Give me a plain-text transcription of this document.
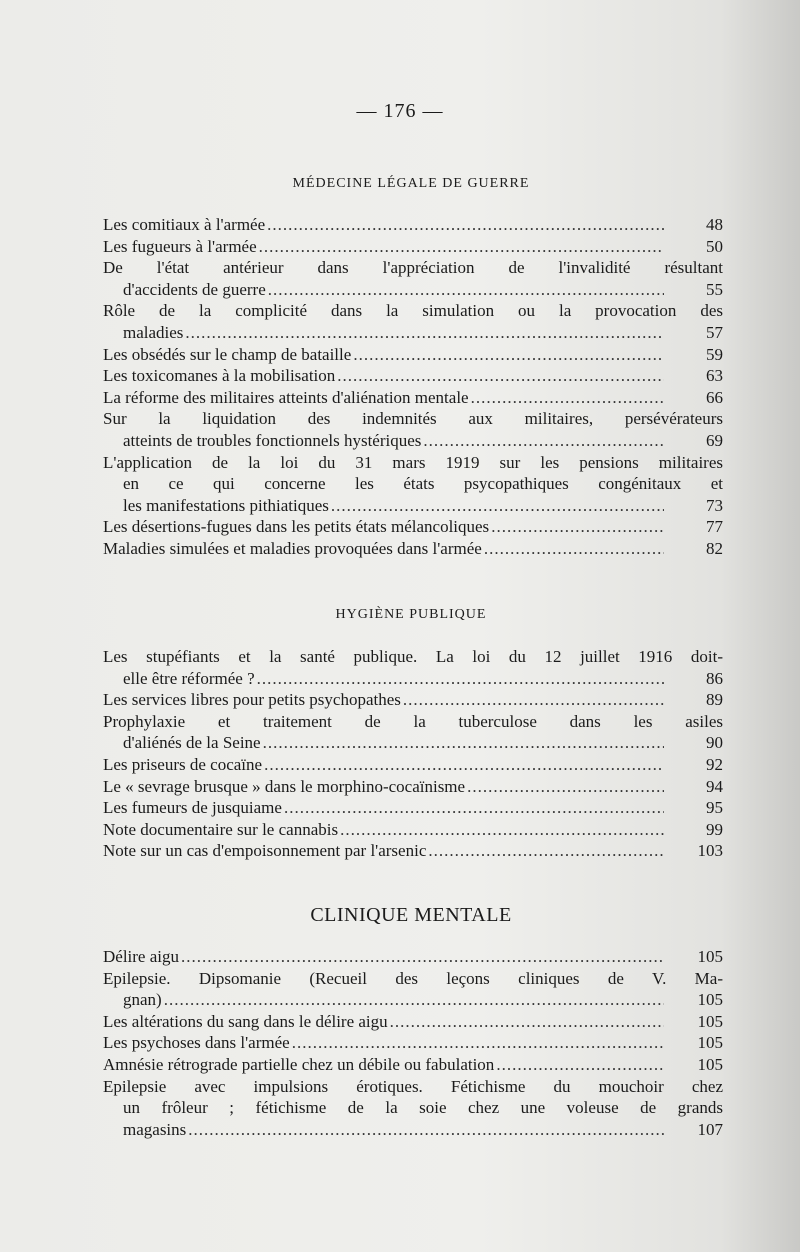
— 176 —
MÉDECINE LÉGALE DE GUERRE
Les comitiaux à l'armée .....	48
Les fugueurs à l'armée .....	50
De l'état antérieur dans l'appréciation de l'invalidité résultant
d'accidents de guerre .....	55
Rôle de la complicité dans la simulation ou la provocation des
maladies .....	57
Les obsédés sur le champ de bataille .....	59
Les toxicomanes à la mobilisation .....	63
La réforme des militaires atteints d'aliénation mentale .....	66
Sur la liquidation des indemnités aux militaires, persévérateurs
atteints de troubles fonctionnels hystériques .....	69
L'application de la loi du 31 mars 1919 sur les pensions militaires
en ce qui concerne les états psycopathiques congénitaux et
les manifestations pithiatiques .....	73
Les désertions-fugues dans les petits états mélancoliques .....	77
Maladies simulées et maladies provoquées dans l'armée .....	82
HYGIÈNE PUBLIQUE
Les stupéfiants et la santé publique. La loi du 12 juillet 1916 doit-
elle être réformée ? .....	86
Les services libres pour petits psychopathes .....	89
Prophylaxie et traitement de la tuberculose dans les asiles
d'aliénés de la Seine .....	90
Les priseurs de cocaïne .....	92
Le « sevrage brusque » dans le morphino-cocaïnisme .....	94
Les fumeurs de jusquiame .....	95
Note documentaire sur le cannabis .....	99
Note sur un cas d'empoisonnement par l'arsenic .....	103
CLINIQUE MENTALE
Délire aigu .....	105
Epilepsie. Dipsomanie (Recueil des leçons cliniques de V. Ma-
gnan) .....	105
Les altérations du sang dans le délire aigu .....	105
Les psychoses dans l'armée .....	105
Amnésie rétrograde partielle chez un débile ou fabulation .....	105
Epilepsie avec impulsions érotiques. Fétichisme du mouchoir chez
un frôleur ; fétichisme de la soie chez une voleuse de grands
magasins .....	107
